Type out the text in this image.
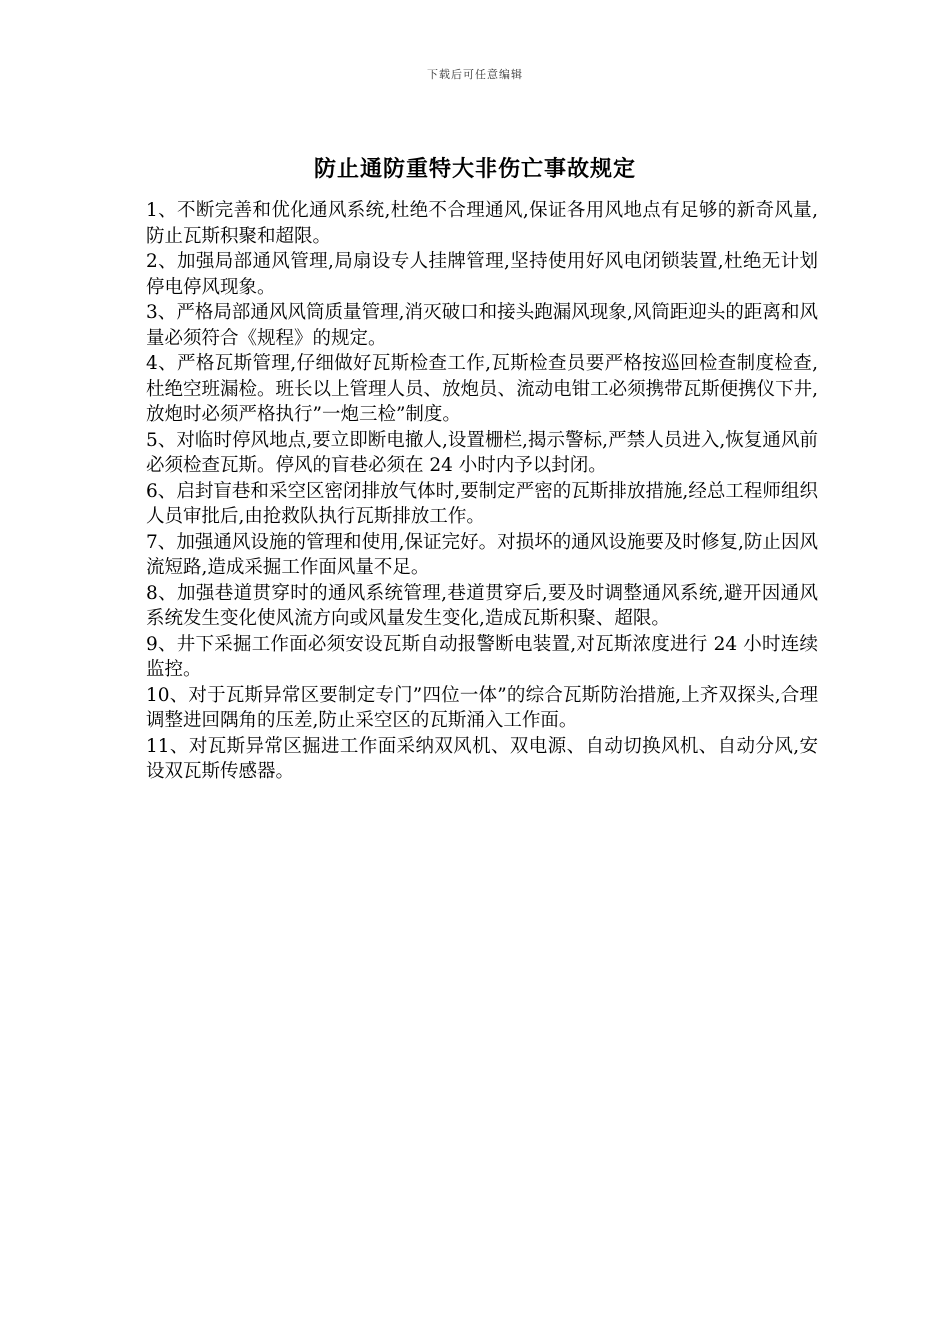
下载后可任意编辑
防止通防重特大非伤亡事故规定
1、不断完善和优化通风系统,杜绝不合理通风,保证各用风地点有足够的新奇风量,防止瓦斯积聚和超限。
2、加强局部通风管理,局扇设专人挂牌管理,坚持使用好风电闭锁装置,杜绝无计划停电停风现象。
3、严格局部通风风筒质量管理,消灭破口和接头跑漏风现象,风筒距迎头的距离和风量必须符合《规程》的规定。
4、严格瓦斯管理,仔细做好瓦斯检查工作,瓦斯检查员要严格按巡回检查制度检查,杜绝空班漏检。班长以上管理人员、放炮员、流动电钳工必须携带瓦斯便携仪下井,放炮时必须严格执行”一炮三检”制度。
5、对临时停风地点,要立即断电撤人,设置栅栏,揭示警标,严禁人员进入,恢复通风前必须检查瓦斯。停风的盲巷必须在 24 小时内予以封闭。
6、启封盲巷和采空区密闭排放气体时,要制定严密的瓦斯排放措施,经总工程师组织人员审批后,由抢救队执行瓦斯排放工作。
7、加强通风设施的管理和使用,保证完好。对损坏的通风设施要及时修复,防止因风流短路,造成采掘工作面风量不足。
8、加强巷道贯穿时的通风系统管理,巷道贯穿后,要及时调整通风系统,避开因通风系统发生变化使风流方向或风量发生变化,造成瓦斯积聚、超限。
9、井下采掘工作面必须安设瓦斯自动报警断电装置,对瓦斯浓度进行 24 小时连续监控。
10、对于瓦斯异常区要制定专门”四位一体”的综合瓦斯防治措施,上齐双探头,合理调整进回隅角的压差,防止采空区的瓦斯涌入工作面。
11、对瓦斯异常区掘进工作面采纳双风机、双电源、自动切换风机、自动分风,安设双瓦斯传感器。
